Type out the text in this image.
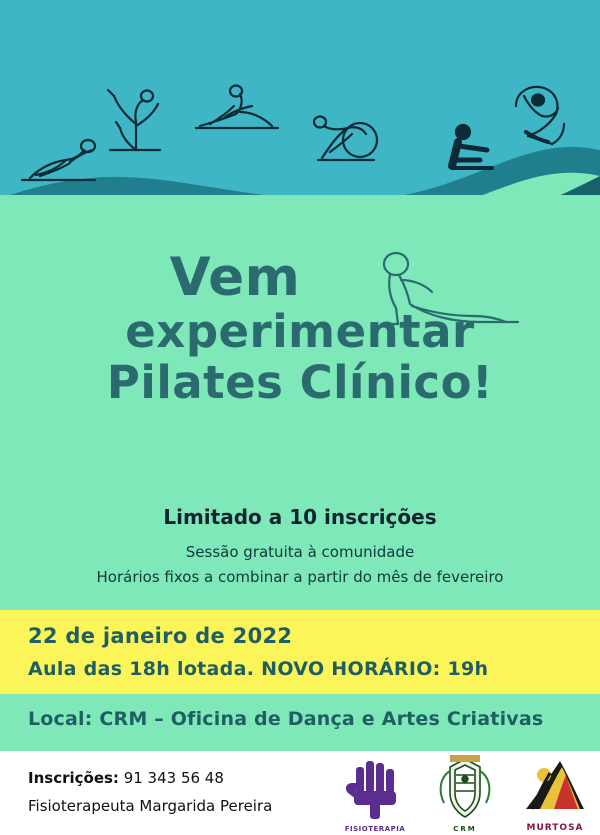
Vem
experimentar
Pilates Clínico!
Limitado a 10 inscrições
Sessão gratuita à comunidade
Horários fixos a combinar a partir do mês de fevereiro
22 de janeiro de 2022
Aula das 18h lotada. NOVO HORÁRIO: 19h
Local: CRM – Oficina de Dança e Artes Criativas
Inscrições: 91 343 56 48
Fisioterapeuta Margarida Pereira
FISIOTERAPIA	CRM	MURTOSA
